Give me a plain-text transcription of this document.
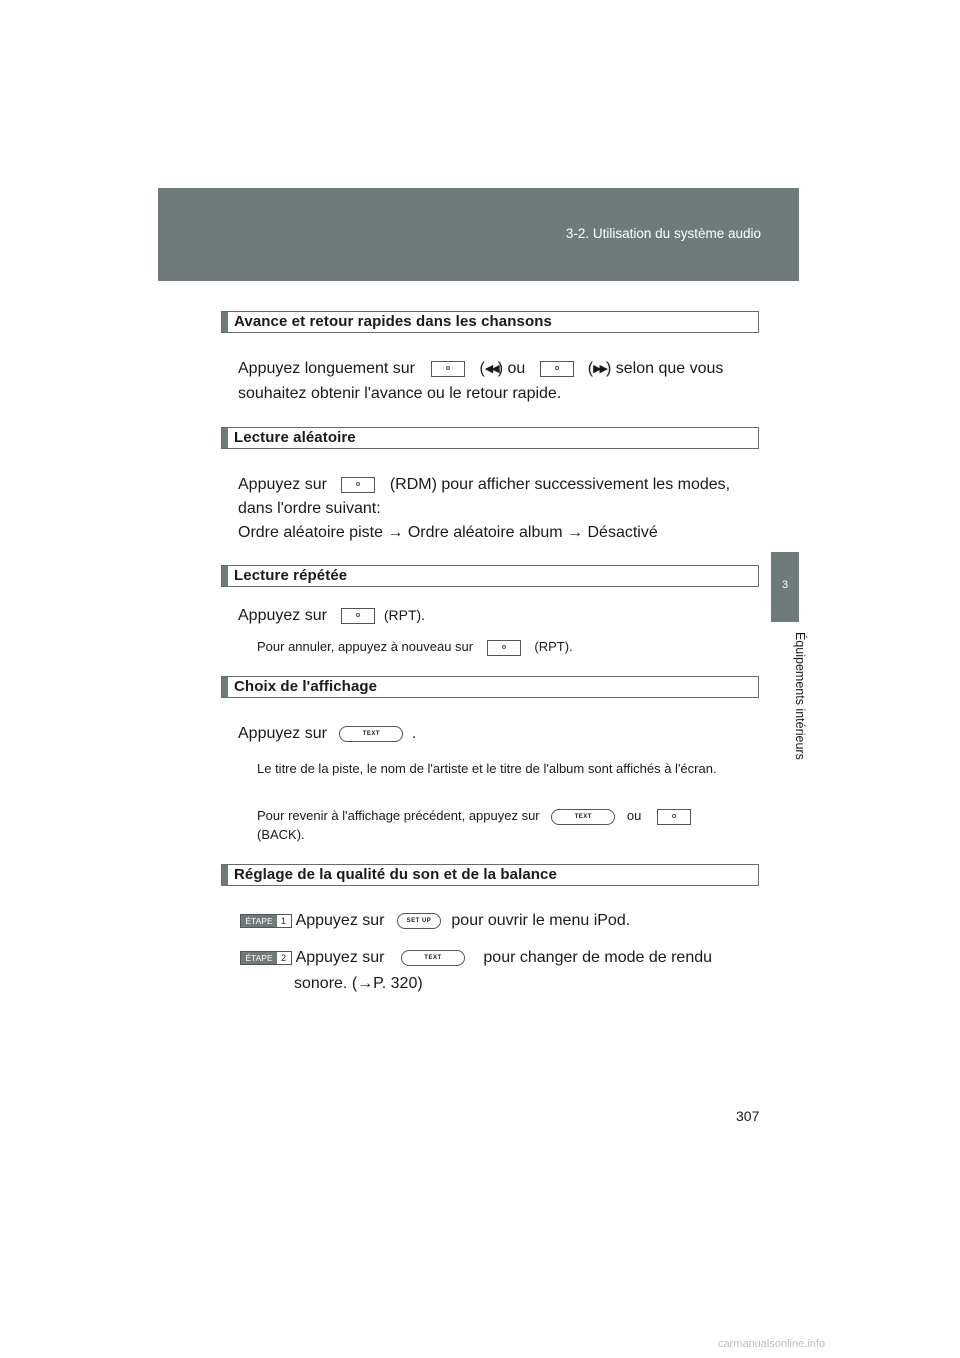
3-2. Utilisation du système audio
3
Équipements intérieurs
Avance et retour rapides dans les chansons
Appuyez longuement sur	(◀◀) ou	(▶▶) selon que vous
souhaitez obtenir l'avance ou le retour rapide.
Lecture aléatoire
Appuyez sur	(RDM) pour afficher successivement les modes,
dans l'ordre suivant:
Ordre aléatoire piste → Ordre aléatoire album → Désactivé
Lecture répétée
Appuyez sur	(RPT).
Pour annuler, appuyez à nouveau sur	(RPT).
Choix de l'affichage
Appuyez sur	TEXT .
Le titre de la piste, le nom de l'artiste et le titre de l'album sont affichés à l'écran.
Pour revenir à l'affichage précédent, appuyez sur	TEXT	ou
(BACK).
Réglage de la qualité du son et de la balance
ÉTAPE 1 Appuyez sur	SET UP pour ouvrir le menu iPod.
ÉTAPE 2 Appuyez sur	TEXT	pour changer de mode de rendu
sonore. (→P. 320)
307
carmanualsonline.info
